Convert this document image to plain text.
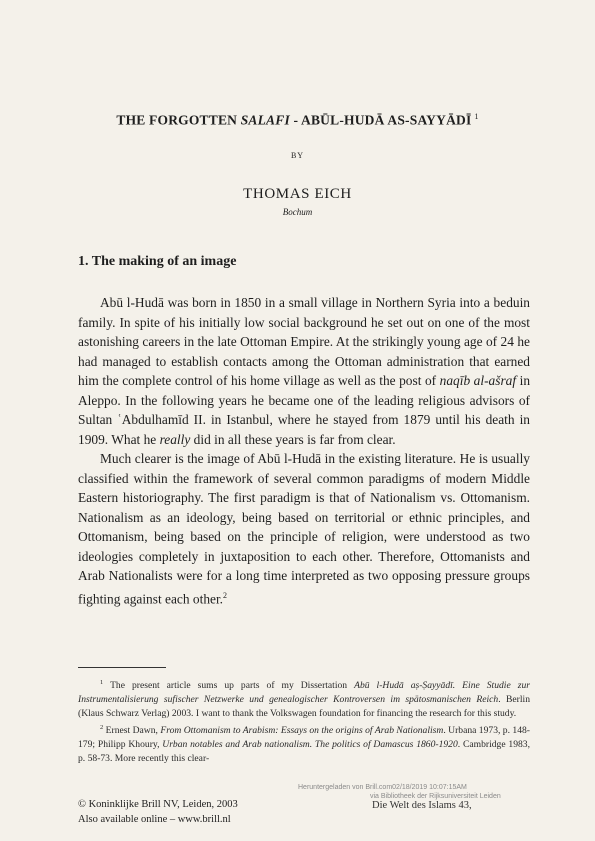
THE FORGOTTEN SALAFI - ABŪL-HUDĀ AS-SAYYĀDĪ $^1$
BY
THOMAS EICH
Bochum
1. The making of an image

Abū l-Hudā was born in 1850 in a small village in Northern Syria into a beduin family. In spite of his initially low social background he set out on one of the most astonishing careers in the late Ottoman Empire. At the strikingly young age of 24 he had managed to establish contacts among the Ottoman administration that earned him the complete control of his home village as well as the post of naqīb al-ašraf in Aleppo. In the following years he became one of the leading religious advisors of Sultan ʿAbdulhamīd II. in Istanbul, where he stayed from 1879 until his death in 1909. What he really did in all these years is far from clear.

Much clearer is the image of Abū l-Hudā in the existing literature. He is usually classified within the framework of several common paradigms of modern Middle Eastern historiography. The first paradigm is that of Nationalism vs. Ottomanism. Nationalism as an ideology, being based on territorial or ethnic principles, and Ottomanism, being based on the principle of religion, were understood as two ideologies completely in juxtaposition to each other. Therefore, Ottomanists and Arab Nationalists were for a long time interpreted as two opposing pressure groups fighting against each other.$^2$

$^1$ The present article sums up parts of my Dissertation Abū l-Hudā aṣ-Ṣayyādī. Eine Studie zur Instrumentalisierung sufischer Netzwerke und genealogischer Kontroversen im spätosmanischen Reich. Berlin (Klaus Schwarz Verlag) 2003. I want to thank the Volkswagen foundation for financing the research for this study.

$^2$ Ernest Dawn, From Ottomanism to Arabism: Essays on the origins of Arab Nationalism. Urbana 1973, p. 148-179; Philipp Khoury, Urban notables and Arab nationalism. The politics of Damascus 1860-1920. Cambridge 1983, p. 58-73. More recently this clear-

Heruntergeladen von Brill.com02/18/2019 10:07:15AM
via Bibliotheek der Rijksuniversiteit Leiden
© Koninklijke Brill NV, Leiden, 2003
Also available online – www.brill.nl
Die Welt des Islams 43,
